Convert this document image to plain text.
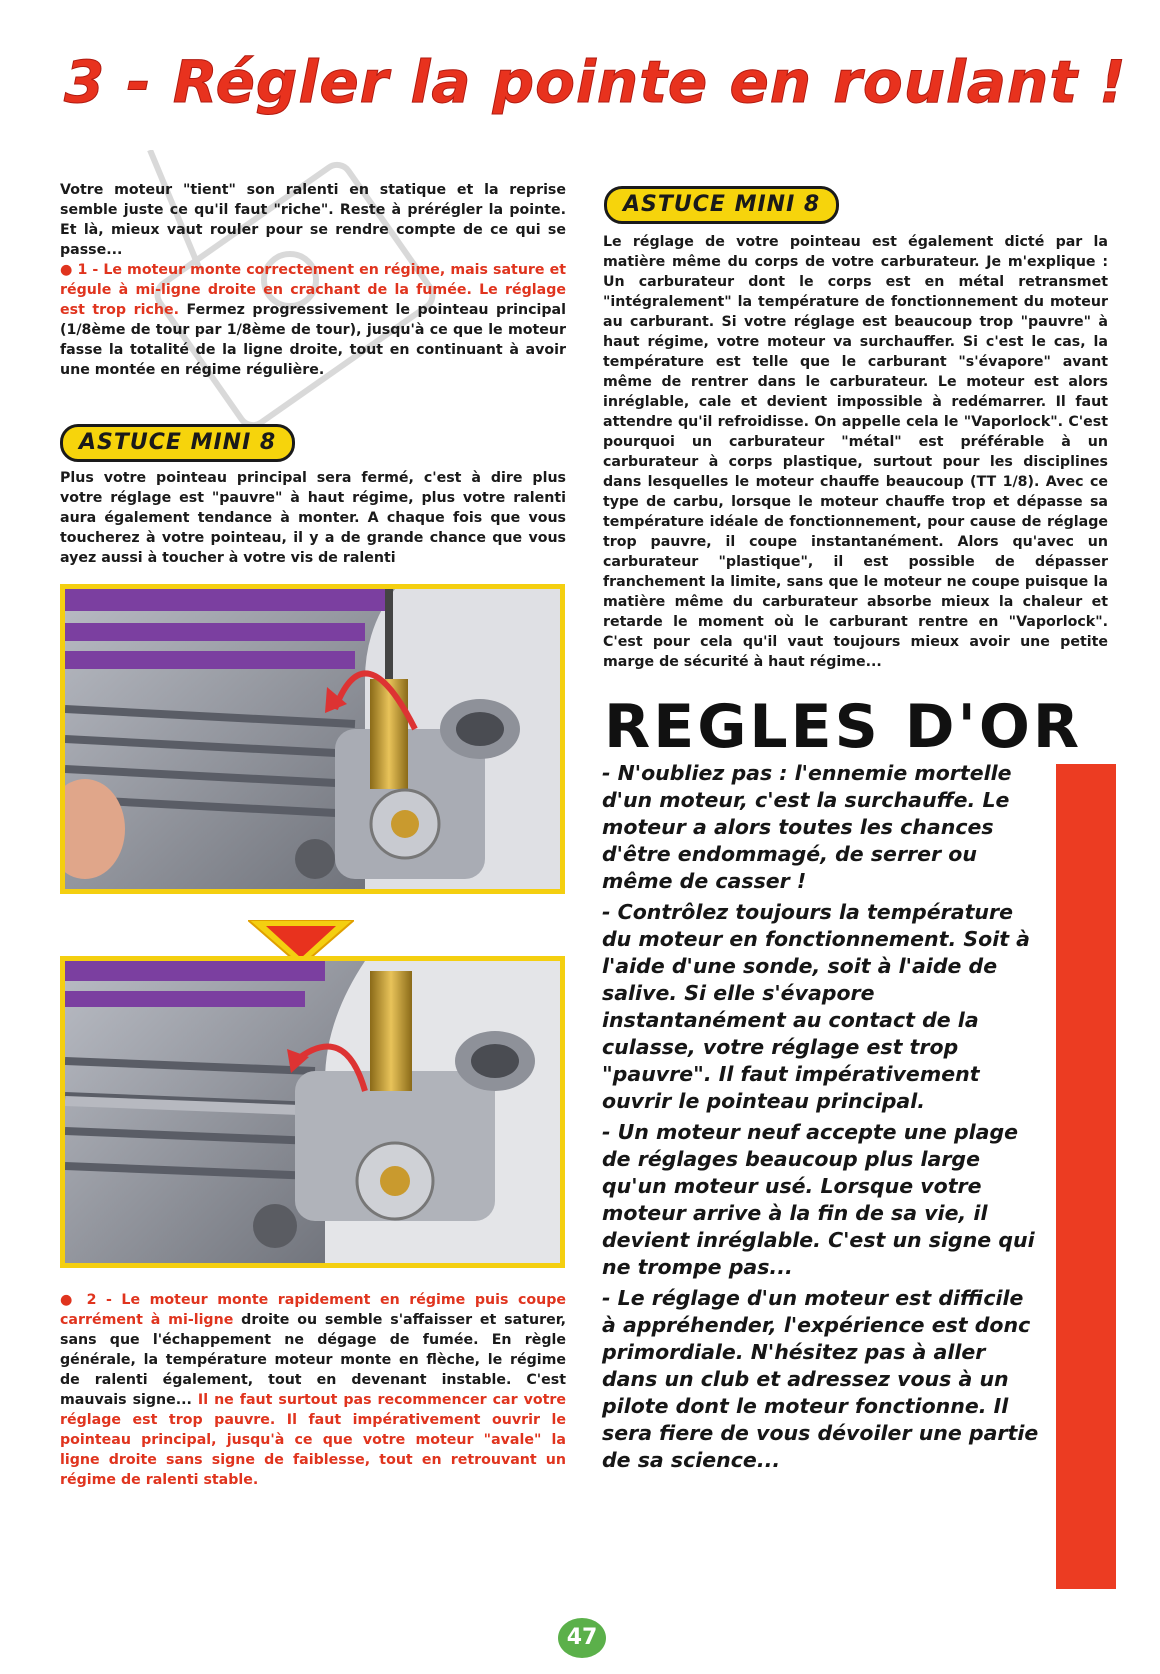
3 - Régler la pointe en roulant !

Votre moteur "tient" son ralenti en statique et la reprise semble juste ce qu'il faut "riche". Reste à prérégler la pointe. Et là, mieux vaut rouler pour se rendre compte de ce qui se passe...

● 1 - Le moteur monte correctement en régime, mais sature et régule à mi-ligne droite en crachant de la fumée. Le réglage est trop riche. Fermez progressivement le pointeau principal (1/8ème de tour par 1/8ème de tour), jusqu'à ce que le moteur fasse la totalité de la ligne droite, tout en continuant à avoir une montée en régime régulière.

ASTUCE MINI 8
Plus votre pointeau principal sera fermé, c'est à dire plus votre réglage est "pauvre" à haut régime, plus votre ralenti aura également tendance à monter. A chaque fois que vous toucherez à votre pointeau, il y a de grande chance que vous ayez aussi à toucher à votre vis de ralenti

● 2 - Le moteur monte rapidement en régime puis coupe carrément à mi-ligne droite ou semble s'affaisser et saturer, sans que l'échappement ne dégage de fumée. En règle générale, la température moteur monte en flèche, le régime de ralenti également, tout en devenant instable. C'est mauvais signe... Il ne faut surtout pas recommencer car votre réglage est trop pauvre. Il faut impérativement ouvrir le pointeau principal, jusqu'à ce que votre moteur "avale" la ligne droite sans signe de faiblesse, tout en retrouvant un régime de ralenti stable.

ASTUCE MINI 8
Le réglage de votre pointeau est également dicté par la matière même du corps de votre carburateur. Je m'explique : Un carburateur dont le corps est en métal retransmet "intégralement" la température de fonctionnement du moteur au carburant. Si votre réglage est beaucoup trop "pauvre" à haut régime, votre moteur va surchauffer. Si c'est le cas, la température est telle que le carburant "s'évapore" avant même de rentrer dans le carburateur. Le moteur est alors inréglable, cale et devient impossible à redémarrer. Il faut attendre qu'il refroidisse. On appelle cela le "Vaporlock". C'est pourquoi un carburateur "métal" est préférable à un carburateur à corps plastique, surtout pour les disciplines dans lesquelles le moteur chauffe beaucoup (TT 1/8). Avec ce type de carbu, lorsque le moteur chauffe trop et dépasse sa température idéale de fonctionnement, pour cause de réglage trop pauvre, il coupe instantanément. Alors qu'avec un carburateur "plastique", il est possible de dépasser franchement la limite, sans que le moteur ne coupe puisque la matière même du carburateur absorbe mieux la chaleur et retarde le moment où le carburant rentre en "Vaporlock". C'est pour cela qu'il vaut toujours mieux avoir une petite marge de sécurité à haut régime...
REGLES D'OR

- N'oubliez pas : l'ennemie mortelle d'un moteur, c'est la surchauffe. Le moteur a alors toutes les chances d'être endommagé, de serrer ou même de casser !

- Contrôlez toujours la température du moteur en fonctionnement. Soit à l'aide d'une sonde, soit à l'aide de salive. Si elle s'évapore instantanément au contact de la culasse, votre réglage est trop "pauvre". Il faut impérativement ouvrir le pointeau principal.

- Un moteur neuf accepte une plage de réglages beaucoup plus large qu'un moteur usé. Lorsque votre moteur arrive à la fin de sa vie, il devient inréglable. C'est un signe qui ne trompe pas...

- Le réglage d'un moteur est difficile à appréhender, l'expérience est donc primordiale. N'hésitez pas à aller dans un club et adressez vous à un pilote dont le moteur fonctionne. Il sera fiere de vous dévoiler une partie de sa science...

47
